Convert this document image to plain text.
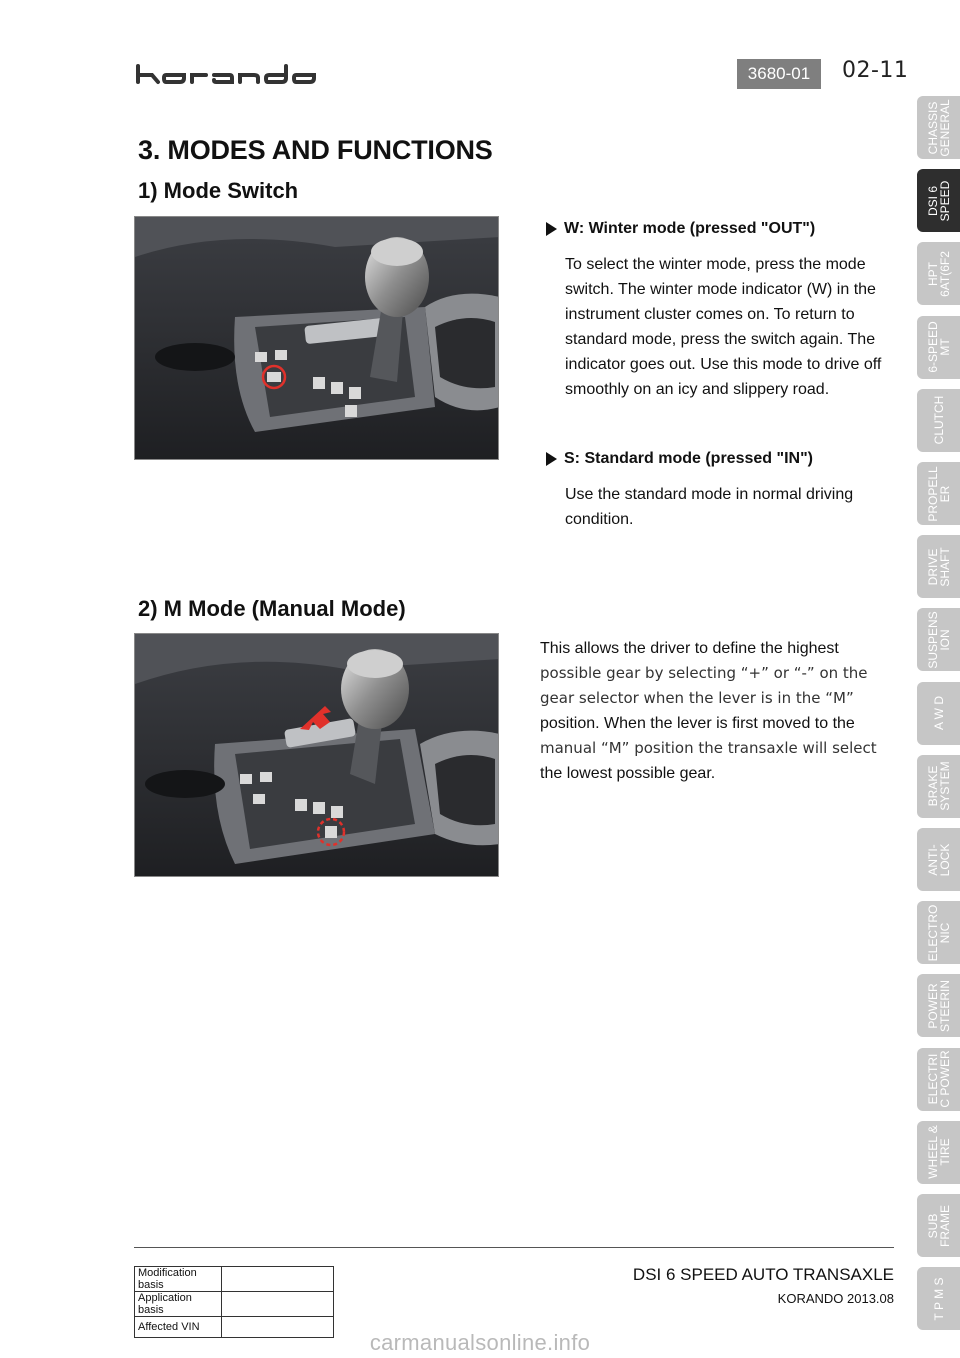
3680-01	02-11
3. MODES AND FUNCTIONS
1) Mode Switch
W: Winter mode (pressed "OUT")
To select the winter mode, press the mode switch. The winter mode indicator (W) in the instrument cluster comes on. To return to standard mode, press the switch again. The indicator goes out. Use this mode to drive off smoothly on an icy and slippery road.
S: Standard mode (pressed "IN")
Use the standard mode in normal driving condition.
2) M Mode (Manual Mode)
This allows the driver to define the highest
possible gear by selecting “+” or “-” on the gear selector when the lever is in the “M”
position. When the lever is first moved to the
manual “M” position the transaxle will select
the lowest possible gear.
CHASSIS
GENERAL
DSI 6
SPEED
HPT
6AT(6F2
6-SPEED
MT
CLUTCH
PROPELL
ER
DRIVE
SHAFT
SUSPENS
ION
A W D
BRAKE
SYSTEM
ANTI-
LOCK
ELECTRO
NIC
POWER
STEERIN
ELECTRI
C POWER
WHEEL &
TIRE
SUB
FRAME
T P M S
Modification basis	
Application basis	
Affected VIN	
DSI 6 SPEED AUTO TRANSAXLE
KORANDO 2013.08
carmanualsonline.info
